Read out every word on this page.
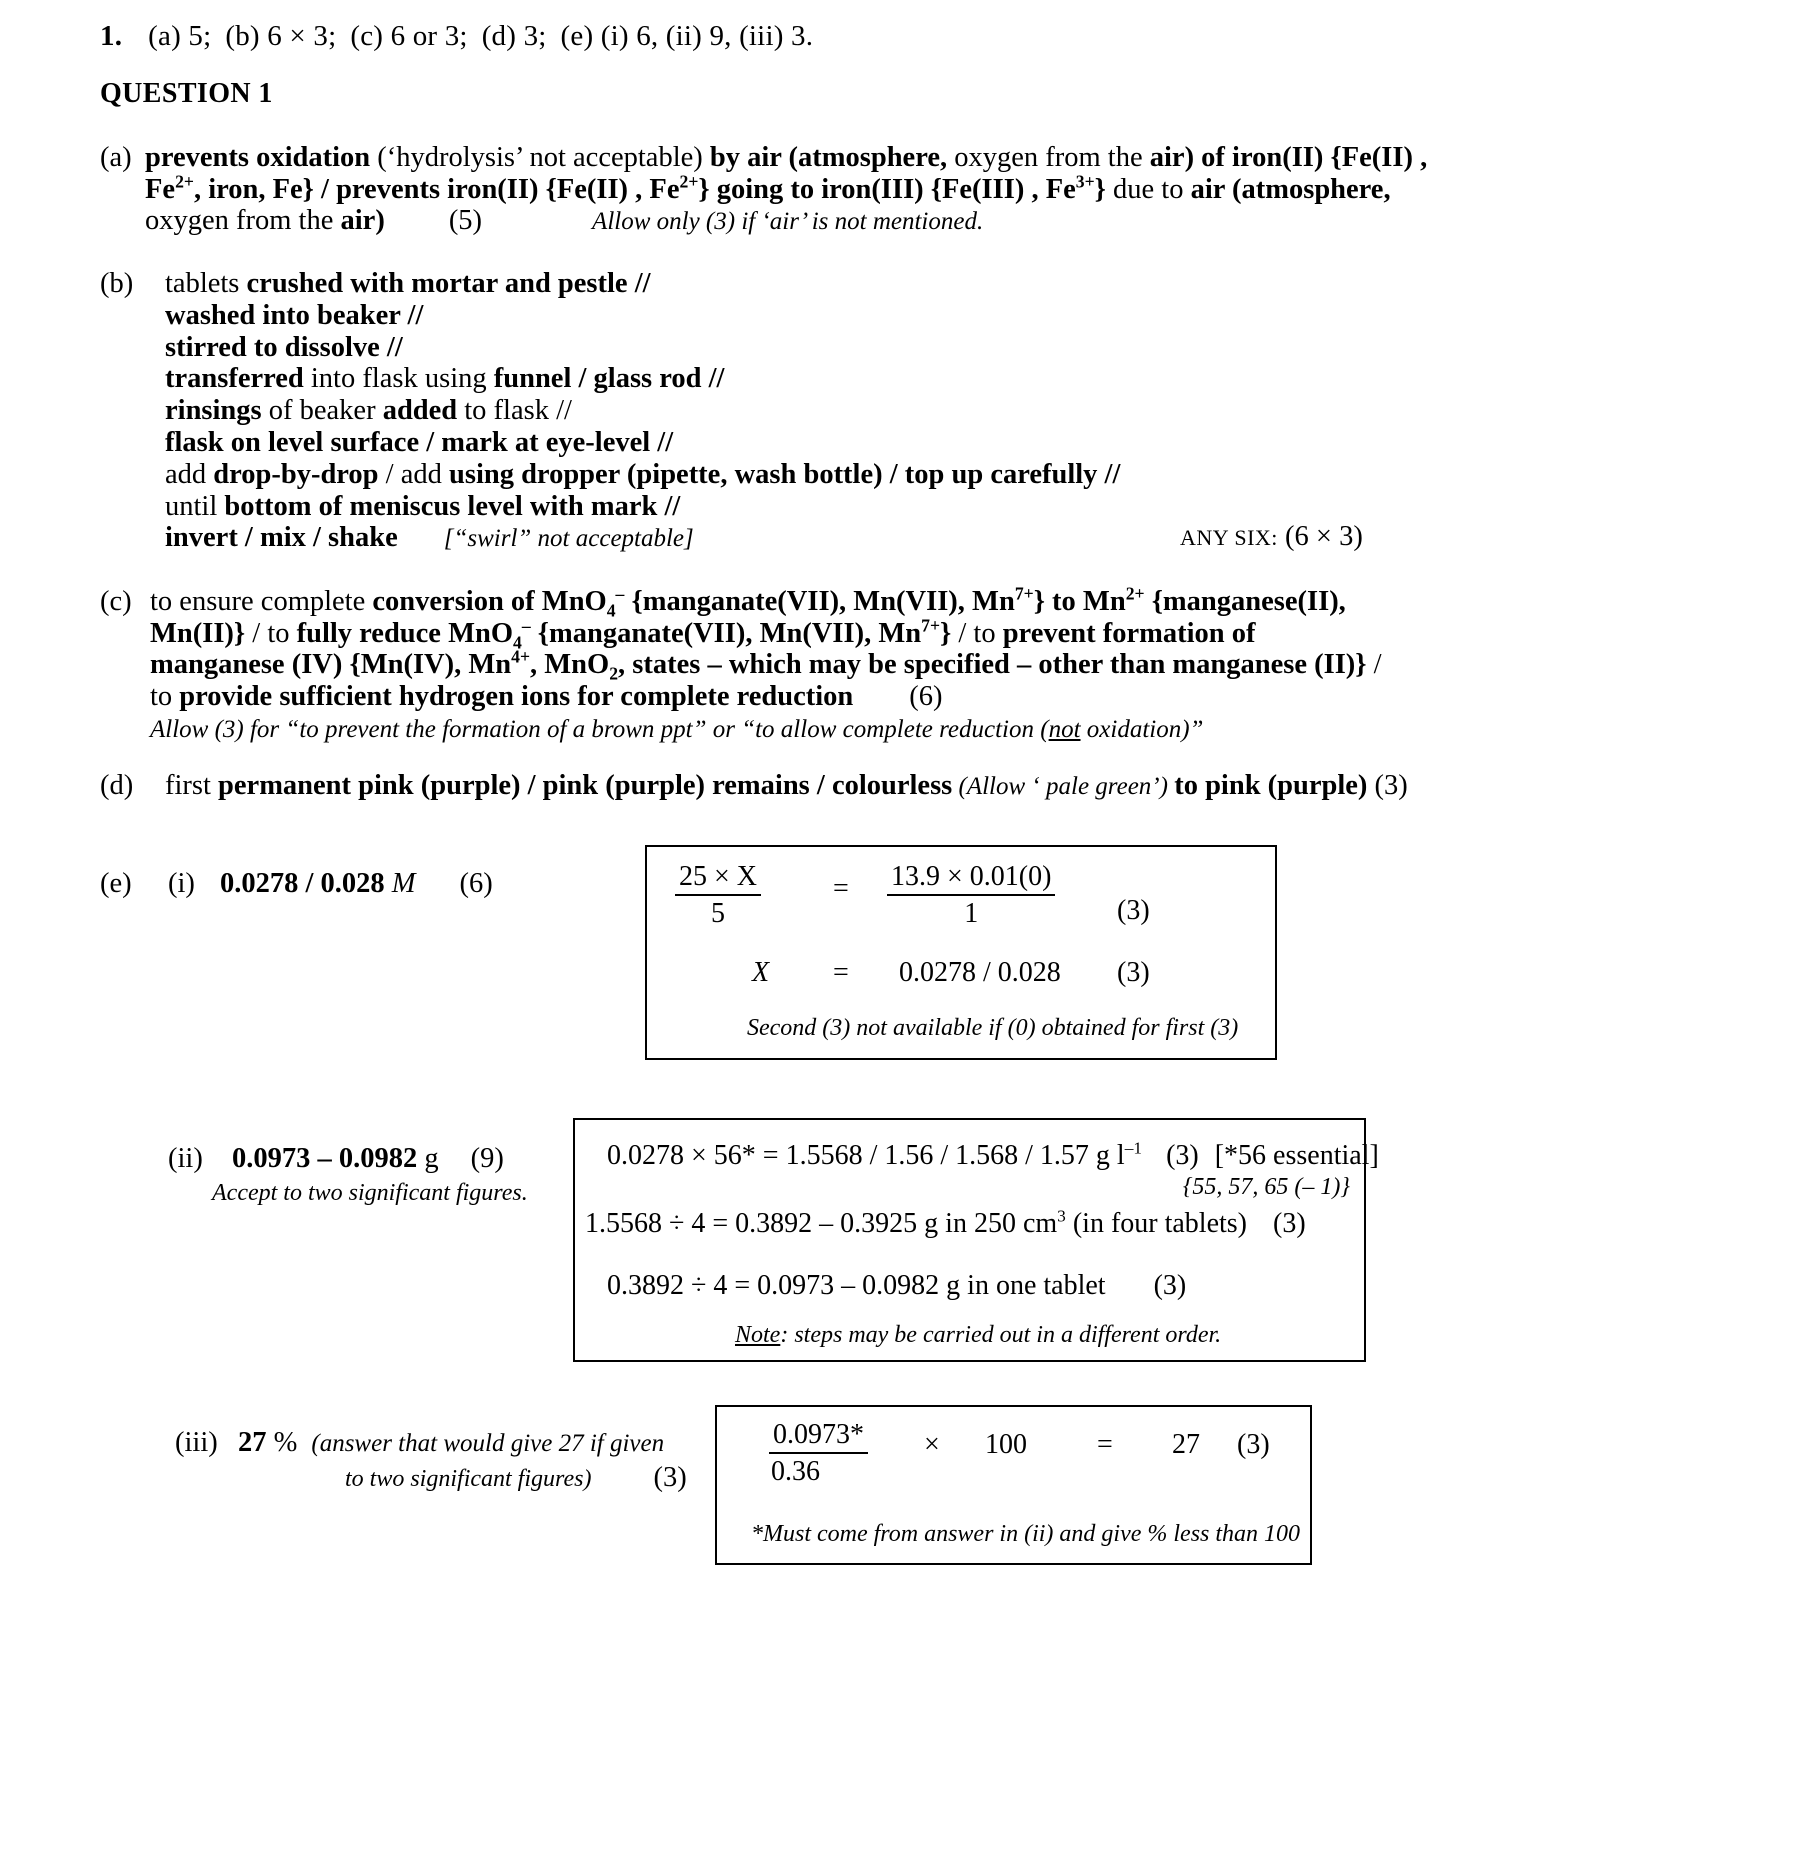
1. (a) 5; (b) 6 × 3; (c) 6 or 3; (d) 3; (e) (i) 6, (ii) 9, (iii) 3.
QUESTION 1
(a) prevents oxidation (‘hydrolysis’ not acceptable) by air (atmosphere, oxygen from the air) of iron(II) {Fe(II) ,
$Fe^{2+}$, iron, Fe} / prevents iron(II) {Fe(II) , $Fe^{2+}$} going to iron(III) {Fe(III) , $Fe^{3+}$} due to air (atmosphere,
oxygen from the air) (5)	Allow only (3) if ‘air’ is not mentioned.
(b) tablets crushed with mortar and pestle //
washed into beaker //
stirred to dissolve //
transferred into flask using funnel / glass rod //
rinsings of beaker added to flask //
flask on level surface / mark at eye-level //
add drop-by-drop / add using dropper (pipette, wash bottle) / top up carefully //
until bottom of meniscus level with mark //
invert / mix / shake [“swirl” not acceptable]	ANY SIX: (6 × 3)
(c) to ensure complete conversion of MnO$_4$– {manganate(VII), Mn(VII), $Mn^{7+}$} to $Mn^{2+}$ {manganese(II),
Mn(II)} / to fully reduce MnO$_4$– {manganate(VII), Mn(VII), $Mn^{7+}$} / to prevent formation of
manganese (IV) {Mn(IV), $Mn^{4+}$, MnO$_2$, states – which may be specified – other than manganese (II)} /
to provide sufficient hydrogen ions for complete reduction (6)
Allow (3) for “to prevent the formation of a brown ppt” or “to allow complete reduction (not oxidation)”
(d) first permanent pink (purple) / pink (purple) remains / colourless (Allow ‘ pale green’) to pink (purple) (3)
(e) (i) 0.0278 / 0.028 M (6)	$\frac{25 \times X}{5}$	= $\frac{13.9 \times 0.01(0)}{1} (3)$
X = 0.0278 / 0.028 (3)
Second (3) not available if (0) obtained for first (3)
(ii) 0.0973 – 0.0982 g (9)
Accept to two significant figures.
0.0278 × 56* = 1.5568 / 1.56 / 1.568 / 1.57 g $l^{-1}$ (3) [*56 essential]
{55, 57, 65 (– 1)}
1.5568 ÷ 4 = 0.3892 – 0.3925 g in 250 $cm^3$ (in four tablets) (3)
0.3892 ÷ 4 = 0.0973 – 0.0982 g in one tablet (3)
Note: steps may be carried out in a different order.
(iii) 27 % (answer that would give 27 if given
to two significant figures) (3)	$\frac{0.0973*}{0.36} \times 100$	= 27 (3)
*Must come from answer in (ii) and give % less than 100
